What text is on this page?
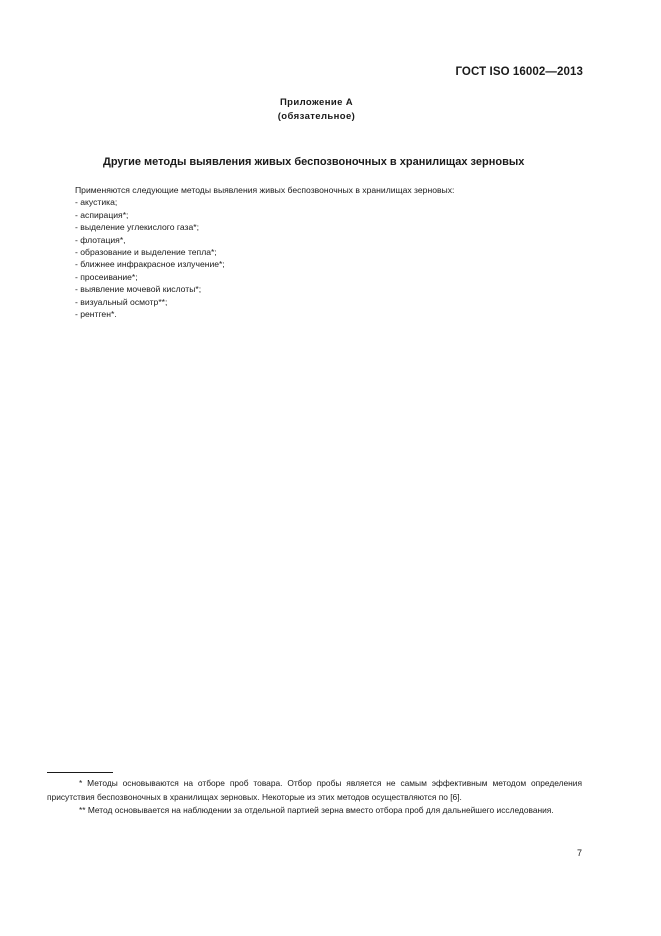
ГОСТ ISO 16002—2013
Приложение А
(обязательное)
Другие методы выявления живых беспозвоночных в хранилищах зерновых
Применяются следующие методы выявления живых беспозвоночных в хранилищах зерновых:
- акустика;
- аспирация*;
- выделение углекислого газа*;
- флотация*,
- образование и выделение тепла*;
- ближнее инфракрасное излучение*;
- просеивание*;
- выявление мочевой кислоты*;
- визуальный осмотр**;
- рентген*.

* Методы основываются на отборе проб товара. Отбор пробы является не самым эффективным методом определения присутствия беспозвоночных в хранилищах зерновых. Некоторые из этих методов осуществляются по [6].

** Метод основывается на наблюдении за отдельной партией зерна вместо отбора проб для дальнейшего исследования.

7
